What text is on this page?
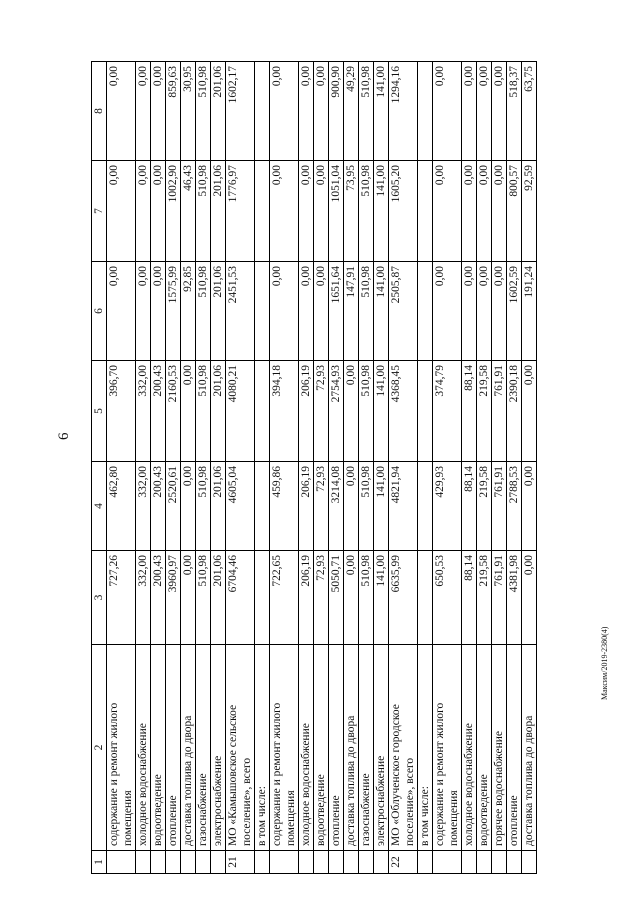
6
Максим/2019-2380(4)
1	2	3	4	5	6	7	8
	содержание и ремонт жилого помещения	727,26	462,80	396,70	0,00	0,00	0,00
	холодное водоснабжение	332,00	332,00	332,00	0,00	0,00	0,00
	водоотведение	200,43	200,43	200,43	0,00	0,00	0,00
	отопление	3960,97	2520,61	2160,53	1575,99	1002,90	859,63
	доставка топлива до двора	0,00	0,00	0,00	92,85	46,43	30,95
	газоснабжение	510,98	510,98	510,98	510,98	510,98	510,98
	электроснабжение	201,06	201,06	201,06	201,06	201,06	201,06
21	МО «Камышовское сельское поселение», всего	6704,46	4605,04	4080,21	2451,53	1776,97	1602,17
	в том числе:						
	содержание и ремонт жилого помещения	722,65	459,86	394,18	0,00	0,00	0,00
	холодное водоснабжение	206,19	206,19	206,19	0,00	0,00	0,00
	водоотведение	72,93	72,93	72,93	0,00	0,00	0,00
	отопление	5050,71	3214,08	2754,93	1651,64	1051,04	900,90
	доставка топлива до двора	0,00	0,00	0,00	147,91	73,95	49,29
	газоснабжение	510,98	510,98	510,98	510,98	510,98	510,98
	электроснабжение	141,00	141,00	141,00	141,00	141,00	141,00
22	МО «Облученское городское поселение», всего	6635,99	4821,94	4368,45	2505,87	1605,20	1294,16
	в том числе:						
	содержание и ремонт жилого помещения	650,53	429,93	374,79	0,00	0,00	0,00
	холодное водоснабжение	88,14	88,14	88,14	0,00	0,00	0,00
	водоотведение	219,58	219,58	219,58	0,00	0,00	0,00
	горячее водоснабжение	761,91	761,91	761,91	0,00	0,00	0,00
	отопление	4381,98	2788,53	2390,18	1602,59	800,57	518,37
	доставка топлива до двора	0,00	0,00	0,00	191,24	92,59	63,75
